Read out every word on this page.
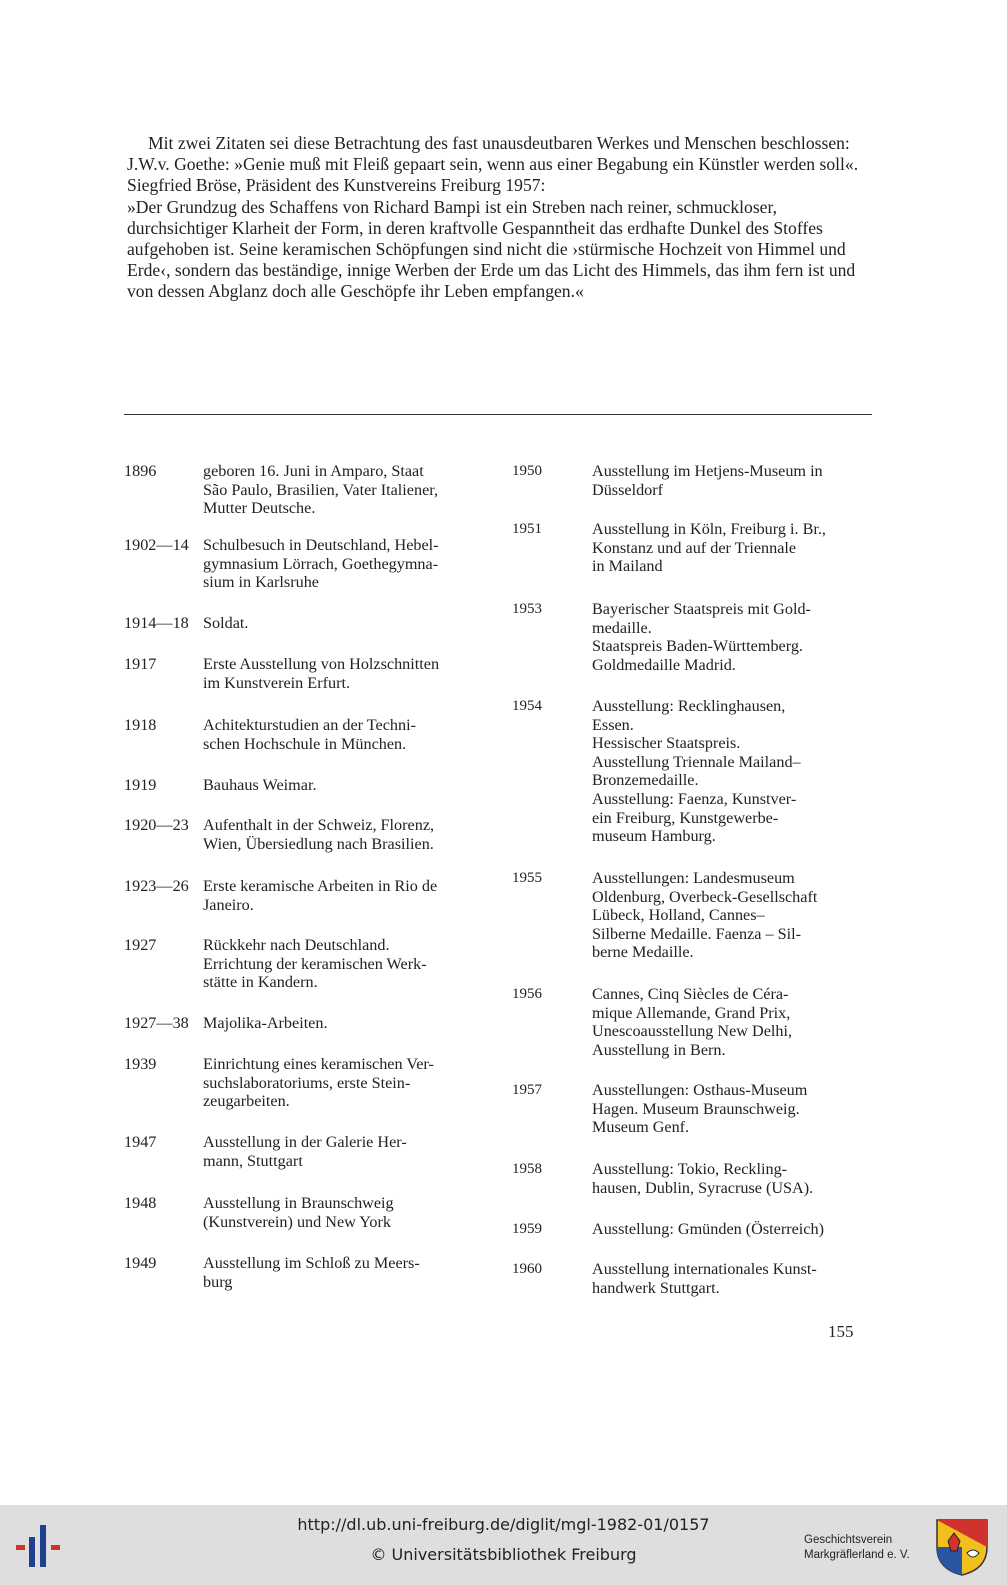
Mit zwei Zitaten sei diese Betrachtung des fast unausdeutbaren Werkes und Menschen beschlossen:

J.W.v. Goethe: »Genie muß mit Fleiß gepaart sein, wenn aus einer Begabung ein Künstler werden soll«.

Siegfried Bröse, Präsident des Kunstvereins Freiburg 1957:

»Der Grundzug des Schaffens von Richard Bampi ist ein Streben nach reiner, schmuckloser, durchsichtiger Klarheit der Form, in deren kraftvolle Gespanntheit das erdhafte Dunkel des Stoffes aufgehoben ist. Seine keramischen Schöpfungen sind nicht die ›stürmische Hochzeit von Himmel und Erde‹, sondern das beständige, innige Werben der Erde um das Licht des Himmels, das ihm fern ist und von dessen Abglanz doch alle Geschöpfe ihr Leben empfangen.«

1896	geboren 16. Juni in Amparo, Staat
São Paulo, Brasilien, Vater Italiener,
Mutter Deutsche.
1902—14 Schulbesuch in Deutschland, Hebel-
gymnasium Lörrach, Goethegymna-
sium in Karlsruhe
1914—18 Soldat.
1917	Erste Ausstellung von Holzschnitten
im Kunstverein Erfurt.
1918	Achitekturstudien an der Techni-
schen Hochschule in München.
1919	Bauhaus Weimar.
1920—23 Aufenthalt in der Schweiz, Florenz,
Wien, Übersiedlung nach Brasilien.
1923—26 Erste keramische Arbeiten in Rio de
Janeiro.
1927	Rückkehr nach Deutschland.
Errichtung der keramischen Werk-
stätte in Kandern.
1927—38 Majolika-Arbeiten.
1939	Einrichtung eines keramischen Ver-
suchslaboratoriums, erste Stein-
zeugarbeiten.
1947	Ausstellung in der Galerie Her-
mann, Stuttgart
1948	Ausstellung in Braunschweig
(Kunstverein) und New York
1949	Ausstellung im Schloß zu Meers-
burg
1950	Ausstellung im Hetjens-Museum in
Düsseldorf
1951	Ausstellung in Köln, Freiburg i. Br.,
Konstanz und auf der Triennale
in Mailand
1953	Bayerischer Staatspreis mit Gold-
medaille.
Staatspreis Baden-Württemberg.
Goldmedaille Madrid.
1954	Ausstellung: Recklinghausen,
Essen.
Hessischer Staatspreis.
Ausstellung Triennale Mailand–
Bronzemedaille.
Ausstellung: Faenza, Kunstver-
ein Freiburg, Kunstgewerbe-
museum Hamburg.
1955	Ausstellungen: Landesmuseum
Oldenburg, Overbeck-Gesellschaft
Lübeck, Holland, Cannes–
Silberne Medaille. Faenza – Sil-
berne Medaille.
1956	Cannes, Cinq Siècles de Céra-
mique Allemande, Grand Prix,
Unescoausstellung New Delhi,
Ausstellung in Bern.
1957	Ausstellungen: Osthaus-Museum
Hagen. Museum Braunschweig.
Museum Genf.
1958	Ausstellung: Tokio, Reckling-
hausen, Dublin, Syracruse (USA).
1959	Ausstellung: Gmünden (Österreich)
1960	Ausstellung internationales Kunst-
handwerk Stuttgart.
155
http://dl.ub.uni-freiburg.de/diglit/mgl-1982-01/0157
© Universitätsbibliothek Freiburg
Geschichtsverein
Markgräflerland e. V.
